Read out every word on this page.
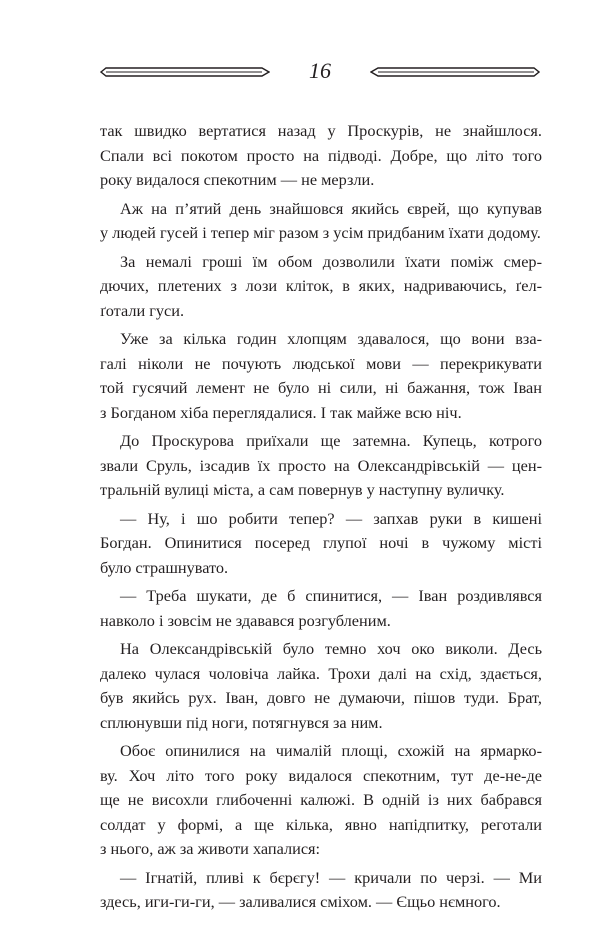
16

так швидко вертатися назад у Проскурів, не знайшлося.
Спали всі покотом просто на підводі. Добре, що літо того
року видалося спекотним — не мерзли.

Аж на п’ятий день знайшовся якийсь єврей, що купував
у людей гусей і тепер міг разом з усім придбаним їхати додому.

За немалі гроші їм обом дозволили їхати поміж смер-
дючих, плетених з лози кліток, в яких, надриваючись, ґел-
ґотали гуси.

Уже за кілька годин хлопцям здавалося, що вони взa-
галі ніколи не почують людської мови — перекрикувати
той гусячий лемент не було ні сили, ні бажання, тож Іван
з Богданом хіба переглядалися. І так майже всю ніч.

До Проскурова приїхали ще затемна. Купець, котрого
звали Сруль, ізсадив їх просто на Олександрівській — цен-
тральній вулиці міста, а сам повернув у наступну вуличку.

— Ну, і шо робити тепер? — запхав руки в кишені
Богдан. Опинитися посеред глупої ночі в чужому місті
було страшнувато.

— Треба шукати, де б спинитися, — Іван роздивлявся
навколо і зовсім не здавався розгубленим.

На Олександрівській було темно хоч око виколи. Десь
далеко чулася чоловіча лайка. Трохи далі на схід, здається,
був якийсь рух. Іван, довго не думаючи, пішов туди. Брат,
сплюнувши під ноги, потягнувся за ним.

Обоє опинилися на чималій площі, схожій на ярмарко-
ву. Хоч літо того року видалося спекотним, тут де-не-де
ще не висохли глибоченні калюжі. В одній із них бабрався
солдат у формі, а ще кілька, явно напідпитку, реготали
з нього, аж за животи хапалися:

— Ігнатій, пливі к бєрєгу! — кричали по черзі. — Ми
здесь, иги-ги-ги, — заливалися сміхом. — Єщьо нємного.
